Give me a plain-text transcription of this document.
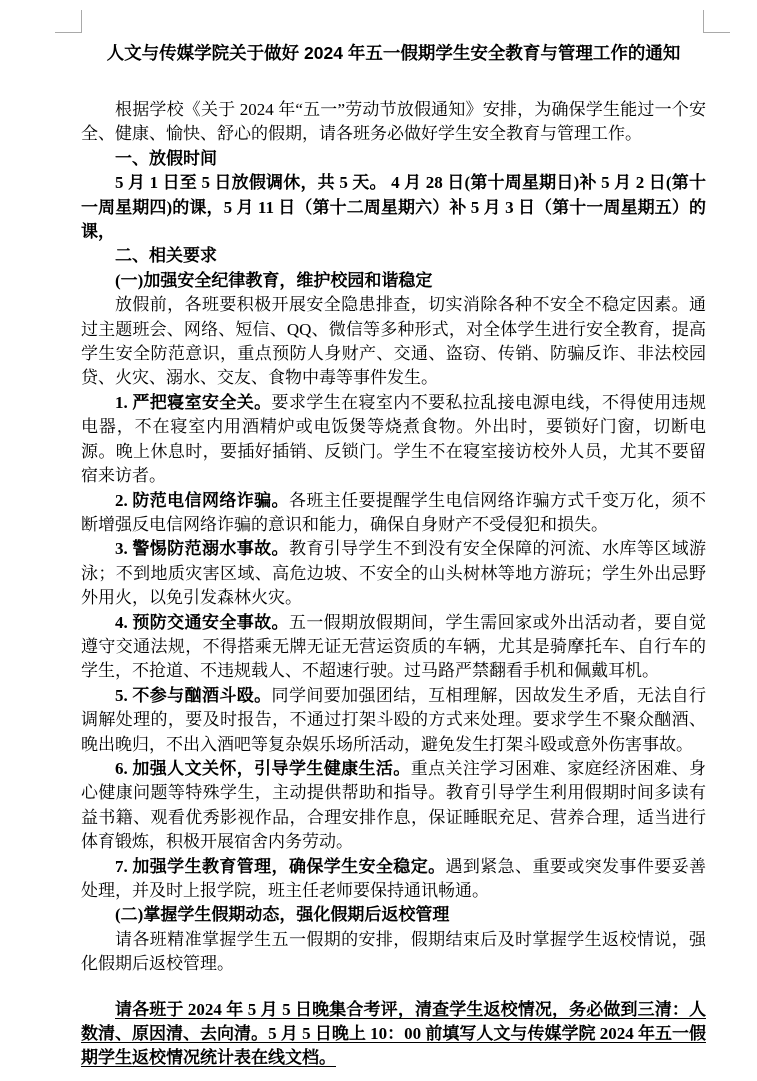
人文与传媒学院关于做好 2024 年五一假期学生安全教育与管理工作的通知

根据学校《关于 2024 年“五一”劳动节放假通知》安排，为确保学生能过一个安全、健康、愉快、舒心的假期，请各班务必做好学生安全教育与管理工作。

一、放假时间

5 月 1 日至 5 日放假调休，共 5 天。 4 月 28 日(第十周星期日)补 5 月 2 日(第十一周星期四)的课，5 月 11 日（第十二周星期六）补 5 月 3 日（第十一周星期五）的课，

二、相关要求

(一)加强安全纪律教育，维护校园和谐稳定

放假前，各班要积极开展安全隐患排查，切实消除各种不安全不稳定因素。通过主题班会、网络、短信、QQ、微信等多种形式，对全体学生进行安全教育，提高学生安全防范意识，重点预防人身财产、交通、盗窃、传销、防骗反诈、非法校园贷、火灾、溺水、交友、食物中毒等事件发生。

1. 严把寝室安全关。要求学生在寝室内不要私拉乱接电源电线，不得使用违规电器，不在寝室内用酒精炉或电饭煲等烧煮食物。外出时，要锁好门窗，切断电源。晚上休息时，要插好插销、反锁门。学生不在寝室接访校外人员，尤其不要留宿来访者。

2. 防范电信网络诈骗。各班主任要提醒学生电信网络诈骗方式千变万化，须不断增强反电信网络诈骗的意识和能力，确保自身财产不受侵犯和损失。

3. 警惕防范溺水事故。教育引导学生不到没有安全保障的河流、水库等区域游泳；不到地质灾害区域、高危边坡、不安全的山头树林等地方游玩；学生外出忌野外用火，以免引发森林火灾。

4. 预防交通安全事故。五一假期放假期间，学生需回家或外出活动者，要自觉遵守交通法规，不得搭乘无牌无证无营运资质的车辆，尤其是骑摩托车、自行车的学生，不抢道、不违规载人、不超速行驶。过马路严禁翻看手机和佩戴耳机。

5. 不参与酗酒斗殴。同学间要加强团结，互相理解，因故发生矛盾，无法自行调解处理的，要及时报告，不通过打架斗殴的方式来处理。要求学生不聚众酗酒、晚出晚归，不出入酒吧等复杂娱乐场所活动，避免发生打架斗殴或意外伤害事故。

6. 加强人文关怀，引导学生健康生活。重点关注学习困难、家庭经济困难、身心健康问题等特殊学生，主动提供帮助和指导。教育引导学生利用假期时间多读有益书籍、观看优秀影视作品，合理安排作息，保证睡眠充足、营养合理，适当进行体育锻炼，积极开展宿舍内务劳动。

7. 加强学生教育管理，确保学生安全稳定。遇到紧急、重要或突发事件要妥善处理，并及时上报学院，班主任老师要保持通讯畅通。

(二)掌握学生假期动态，强化假期后返校管理

请各班精准掌握学生五一假期的安排，假期结束后及时掌握学生返校情说，强化假期后返校管理。

请各班于 2024 年 5 月 5 日晚集合考评，清查学生返校情况，务必做到三清：人数清、原因清、去向清。5 月 5 日晚上 10：00 前填写人文与传媒学院 2024 年五一假期学生返校情况统计表在线文档。
